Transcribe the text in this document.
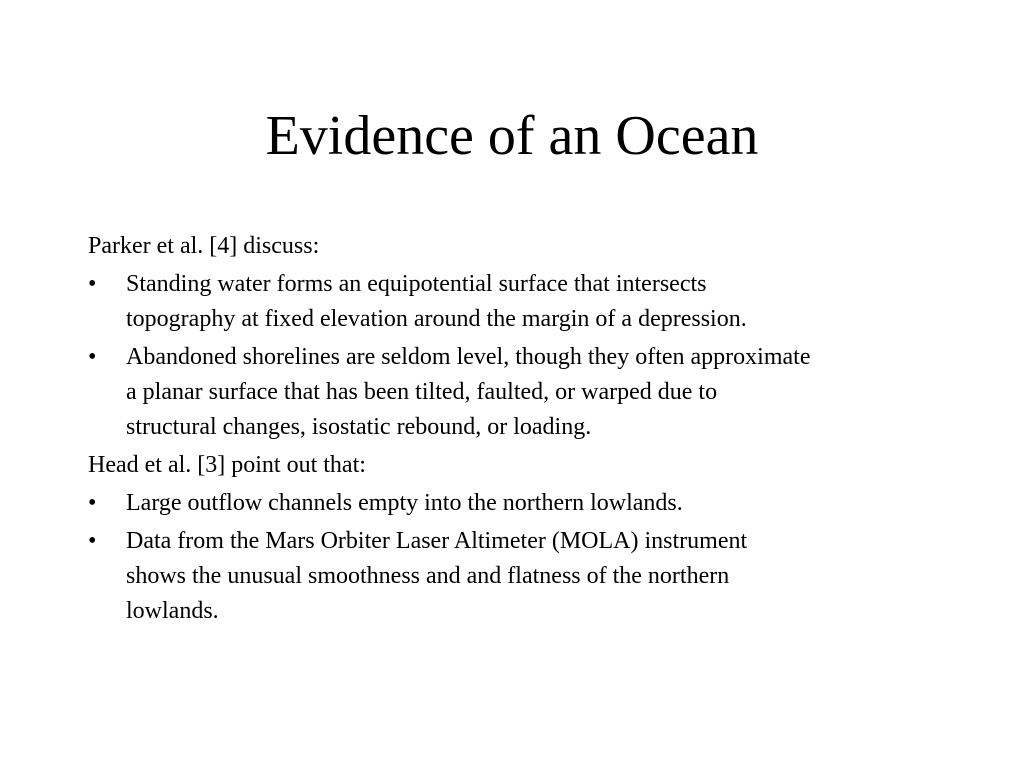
Evidence of an Ocean

Parker et al. [4] discuss:

•	Standing water forms an equipotential surface that intersects
topography at fixed elevation around the margin of a depression.
•	Abandoned shorelines are seldom level, though they often approximate
a planar surface that has been tilted, faulted, or warped due to
structural changes, isostatic rebound, or loading.

Head et al. [3] point out that:

•	Large outflow channels empty into the northern lowlands.
•	Data from the Mars Orbiter Laser Altimeter (MOLA) instrument
shows the unusual smoothness and and flatness of the northern
lowlands.
